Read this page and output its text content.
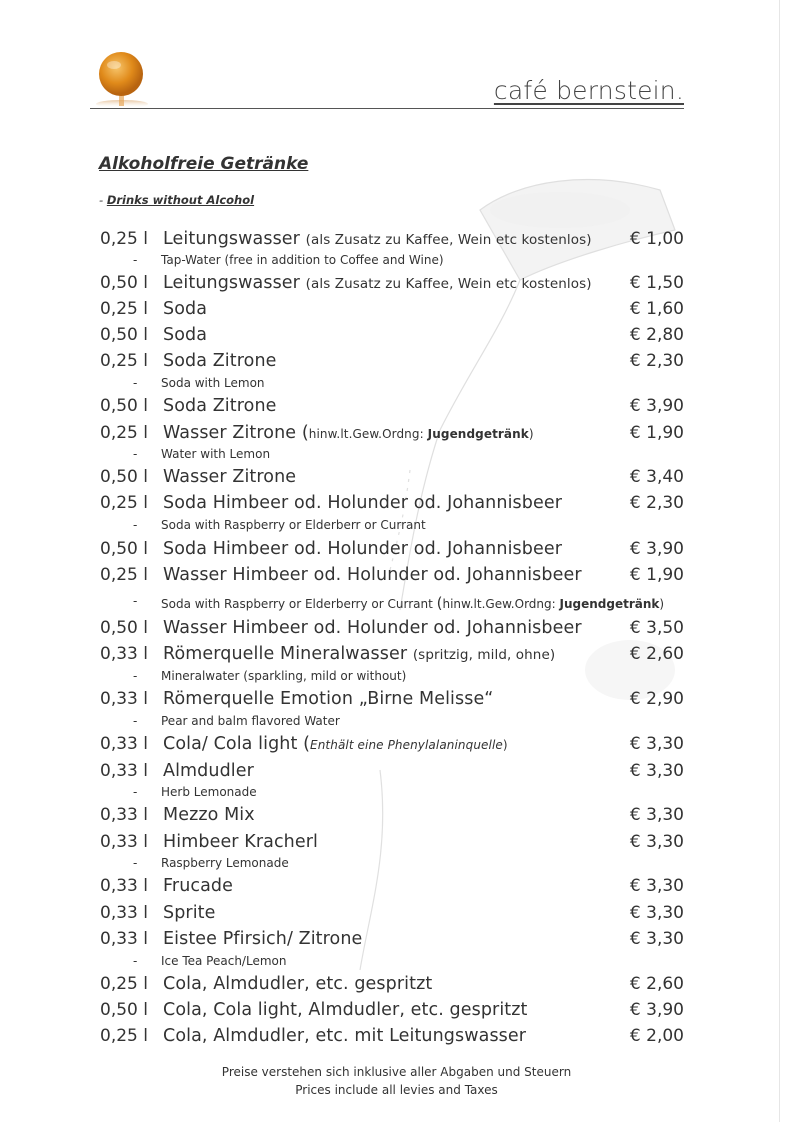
café bernstein.
Alkoholfreie Getränke
- Drinks without Alcohol
0,25 l Leitungswasser (als Zusatz zu Kaffee, Wein etc kostenlos) € 1,00
- Tap-Water (free in addition to Coffee and Wine)
0,50 l Leitungswasser (als Zusatz zu Kaffee, Wein etc kostenlos) € 1,50
0,25 l Soda	€ 1,60
0,50 l Soda	€ 2,80
0,25 l Soda Zitrone	€ 2,30
- Soda with Lemon
0,50 l Soda Zitrone	€ 3,90
0,25 l Wasser Zitrone (hinw.lt.Gew.Ordng: Jugendgetränk)	€ 1,90
- Water with Lemon
0,50 l Wasser Zitrone	€ 3,40
0,25 l Soda Himbeer od. Holunder od. Johannisbeer	€ 2,30
- Soda with Raspberry or Elderberr or Currant
0,50 l Soda Himbeer od. Holunder od. Johannisbeer	€ 3,90
0,25 l Wasser Himbeer od. Holunder od. Johannisbeer	€ 1,90
- Soda with Raspberry or Elderberry or Currant (hinw.lt.Gew.Ordng: Jugendgetränk)
0,50 l Wasser Himbeer od. Holunder od. Johannisbeer	€ 3,50
0,33 l Römerquelle Mineralwasser (spritzig, mild, ohne)	€ 2,60
- Mineralwater (sparkling, mild or without)
0,33 l Römerquelle Emotion „Birne Melisse“	€ 2,90
- Pear and balm flavored Water
0,33 l Cola/ Cola light (Enthält eine Phenylalaninquelle)	€ 3,30
0,33 l Almdudler	€ 3,30
- Herb Lemonade
0,33 l Mezzo Mix	€ 3,30
0,33 l Himbeer Kracherl	€ 3,30
- Raspberry Lemonade
0,33 l Frucade	€ 3,30
0,33 l Sprite	€ 3,30
0,33 l Eistee Pfirsich/ Zitrone	€ 3,30
- Ice Tea Peach/Lemon
0,25 l Cola, Almdudler, etc. gespritzt	€ 2,60
0,50 l Cola, Cola light, Almdudler, etc. gespritzt	€ 3,90
0,25 l Cola, Almdudler, etc. mit Leitungswasser	€ 2,00
Preise verstehen sich inklusive aller Abgaben und Steuern
Prices include all levies and Taxes
